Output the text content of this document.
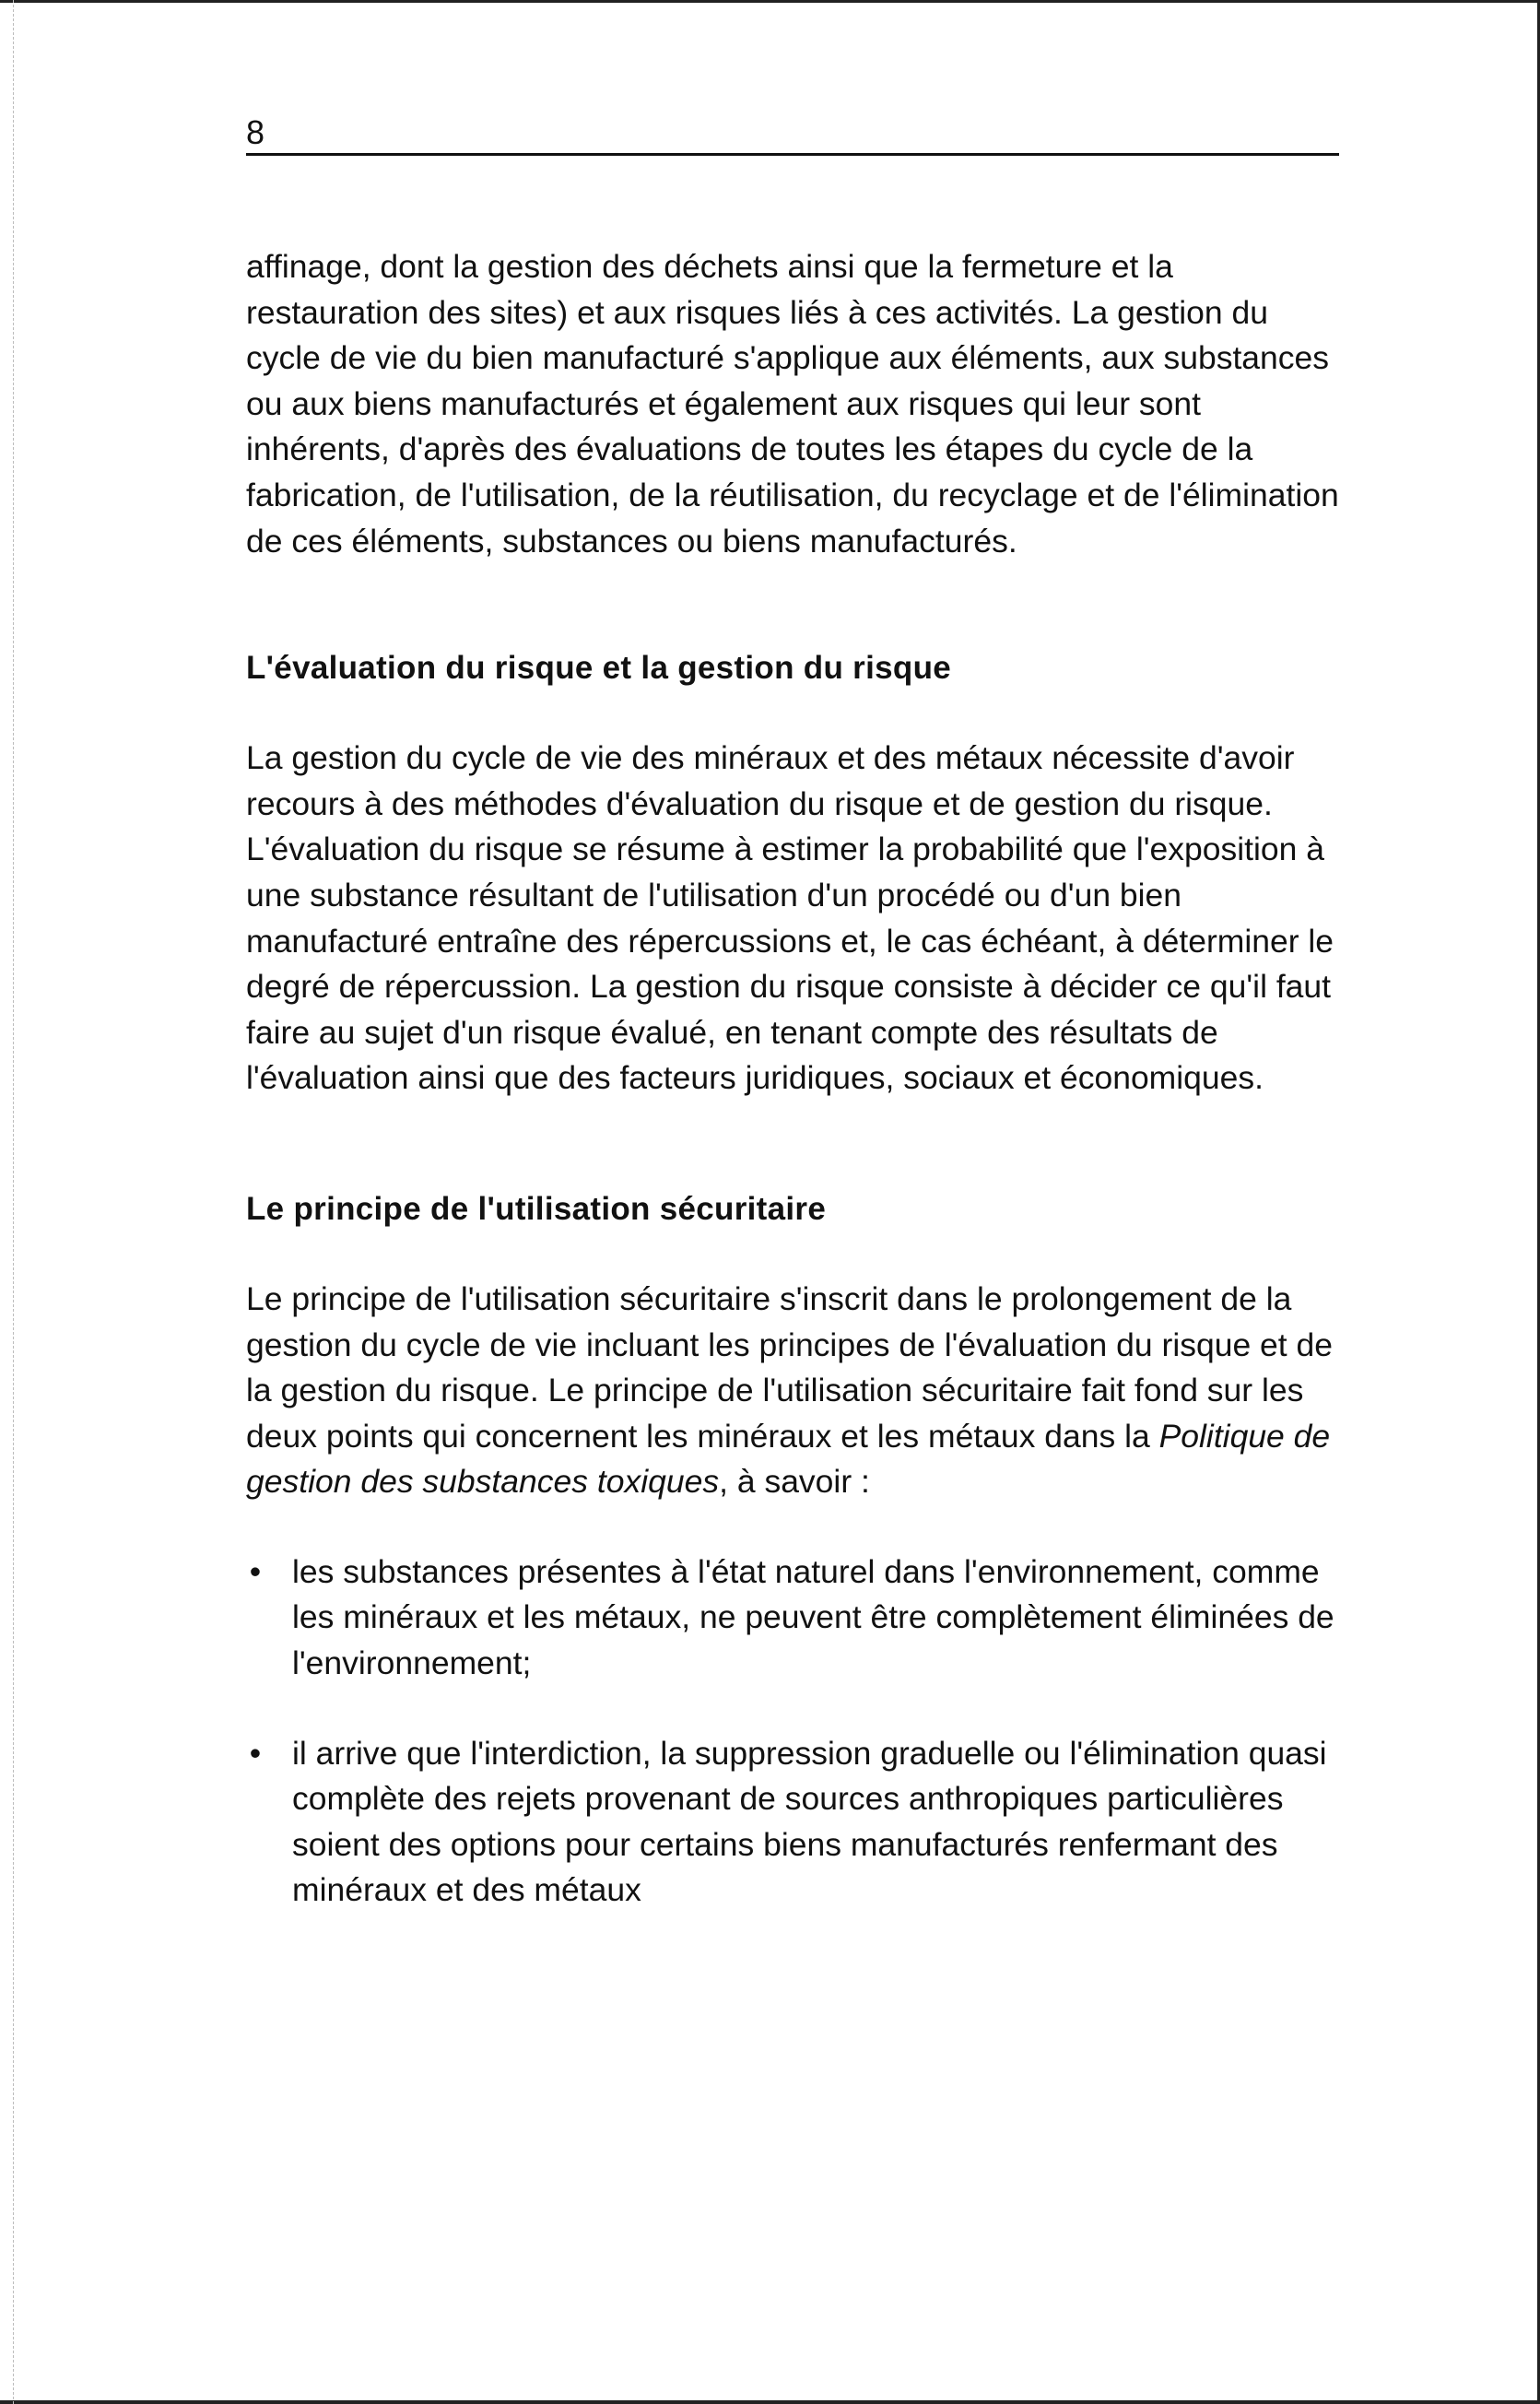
8

affinage, dont la gestion des déchets ainsi que la fermeture et la restauration des sites) et aux risques liés à ces activités. La gestion du cycle de vie du bien manufacturé s'applique aux éléments, aux substances ou aux biens manufacturés et également aux risques qui leur sont inhérents, d'après des évaluations de toutes les étapes du cycle de la fabrication, de l'utilisation, de la réutilisation, du recyclage et de l'élimination de ces éléments, substances ou biens manufacturés.

L'évaluation du risque et la gestion du risque

La gestion du cycle de vie des minéraux et des métaux nécessite d'avoir recours à des méthodes d'évaluation du risque et de gestion du risque. L'évaluation du risque se résume à estimer la probabilité que l'exposition à une substance résultant de l'utilisation d'un procédé ou d'un bien manufacturé entraîne des répercussions et, le cas échéant, à déterminer le degré de répercussion. La gestion du risque consiste à décider ce qu'il faut faire au sujet d'un risque évalué, en tenant compte des résultats de l'évaluation ainsi que des facteurs juridiques, sociaux et économiques.

Le principe de l'utilisation sécuritaire

Le principe de l'utilisation sécuritaire s'inscrit dans le prolongement de la gestion du cycle de vie incluant les principes de l'évaluation du risque et de la gestion du risque. Le principe de l'utilisation sécuritaire fait fond sur les deux points qui concernent les minéraux et les métaux dans la Politique de gestion des substances toxiques, à savoir :

• les substances présentes à l'état naturel dans l'environnement, comme les minéraux et les métaux, ne peuvent être complètement éliminées de l'environnement;
• il arrive que l'interdiction, la suppression graduelle ou l'élimination quasi complète des rejets provenant de sources anthropiques particulières soient des options pour certains biens manufacturés renfermant des minéraux et des métaux
